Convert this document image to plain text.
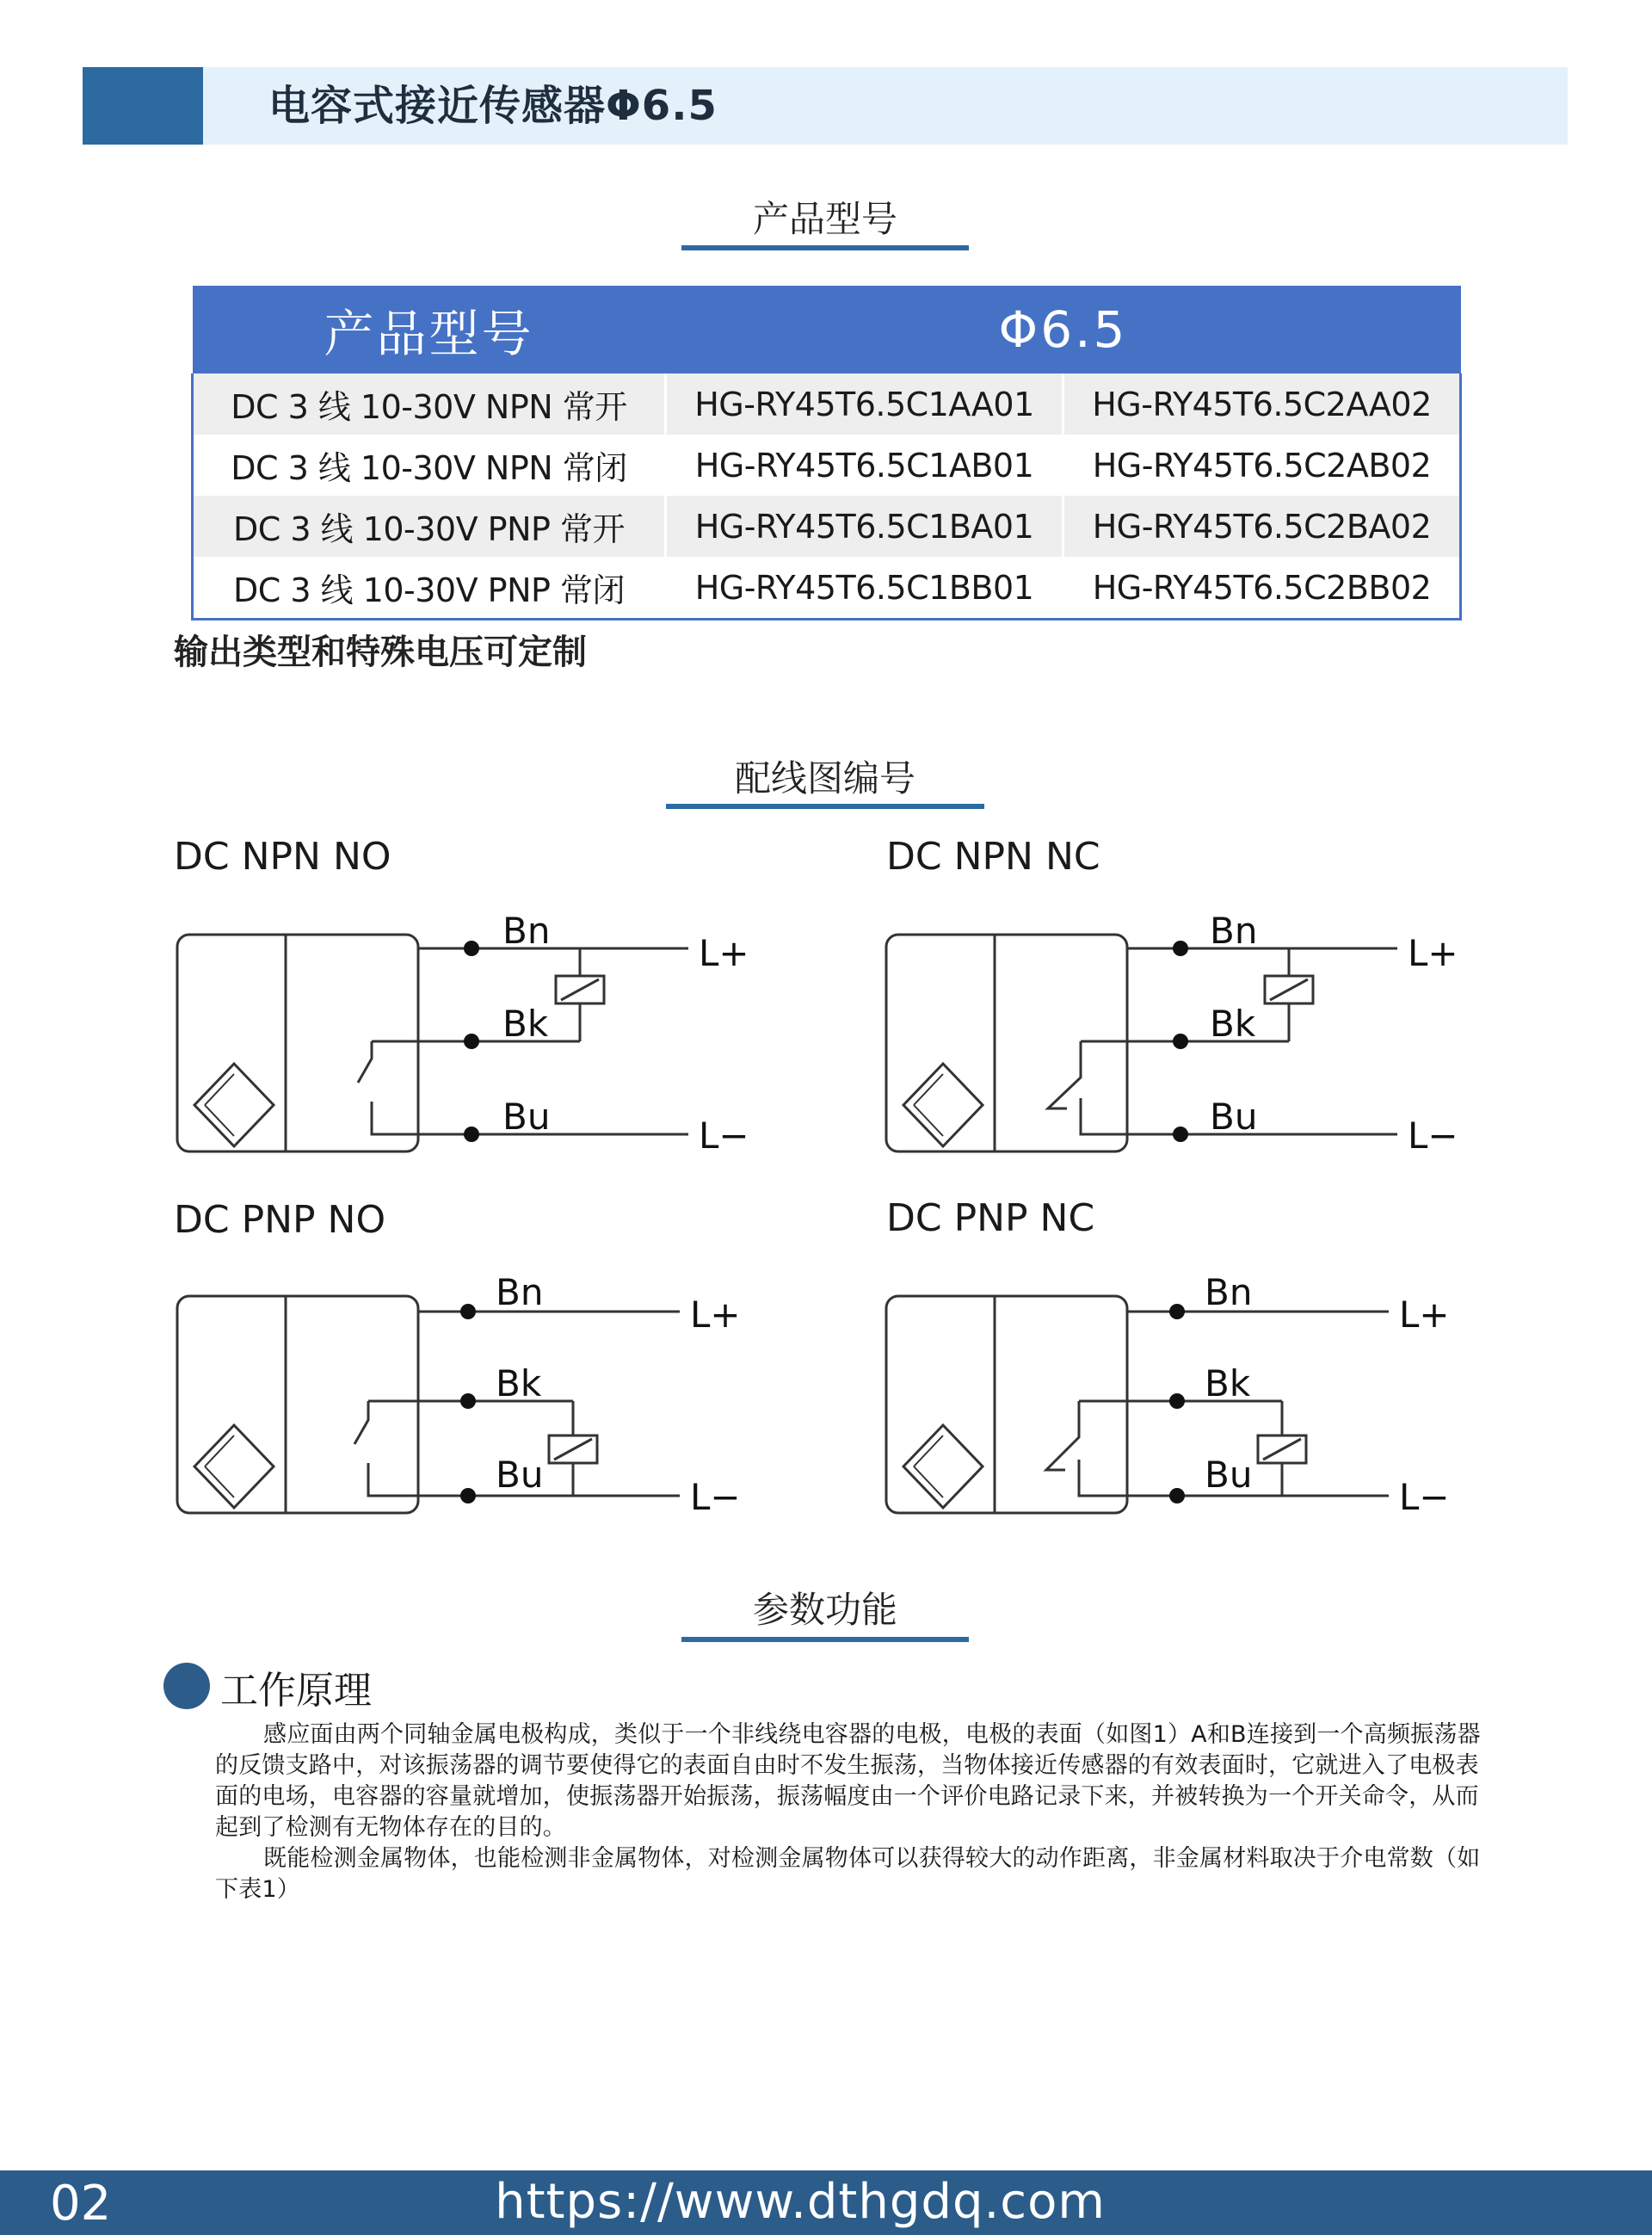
电容式接近传感器Φ6.5
产品型号
产品型号	Φ6.5	
DC 3 线 10-30V NPN 常开	HG-RY45T6.5C1AA01	HG-RY45T6.5C2AA02
DC 3 线 10-30V NPN 常闭	HG-RY45T6.5C1AB01	HG-RY45T6.5C2AB02
DC 3 线 10-30V PNP 常开	HG-RY45T6.5C1BA01	HG-RY45T6.5C2BA02
DC 3 线 10-30V PNP 常闭	HG-RY45T6.5C1BB01	HG-RY45T6.5C2BB02
输出类型和特殊电压可定制
配线图编号
DC NPN NO	DC NPN NC
DC PNP NO	DC PNP NC
Bn
Bk
Bu
L+
L−
Bn
Bk
Bu
L+
L−
Bn
Bk
Bu
L+
L−
Bn
Bk
Bu
L+
L−
参数功能
工作原理
感应面由两个同轴金属电极构成，类似于一个非线绕电容器的电极，电极的表面（如图1）A和B连接到一个高频振荡器的反馈支路中，对该振荡器的调节要使得它的表面自由时不发生振荡，当物体接近传感器的有效表面时，它就进入了电极表面的电场，电容器的容量就增加，使振荡器开始振荡，振荡幅度由一个评价电路记录下来，并被转换为一个开关命令，从而起到了检测有无物体存在的目的。
既能检测金属物体，也能检测非金属物体，对检测金属物体可以获得较大的动作距离，非金属材料取决于介电常数（如下表1）
02	https://www.dthgdq.com
